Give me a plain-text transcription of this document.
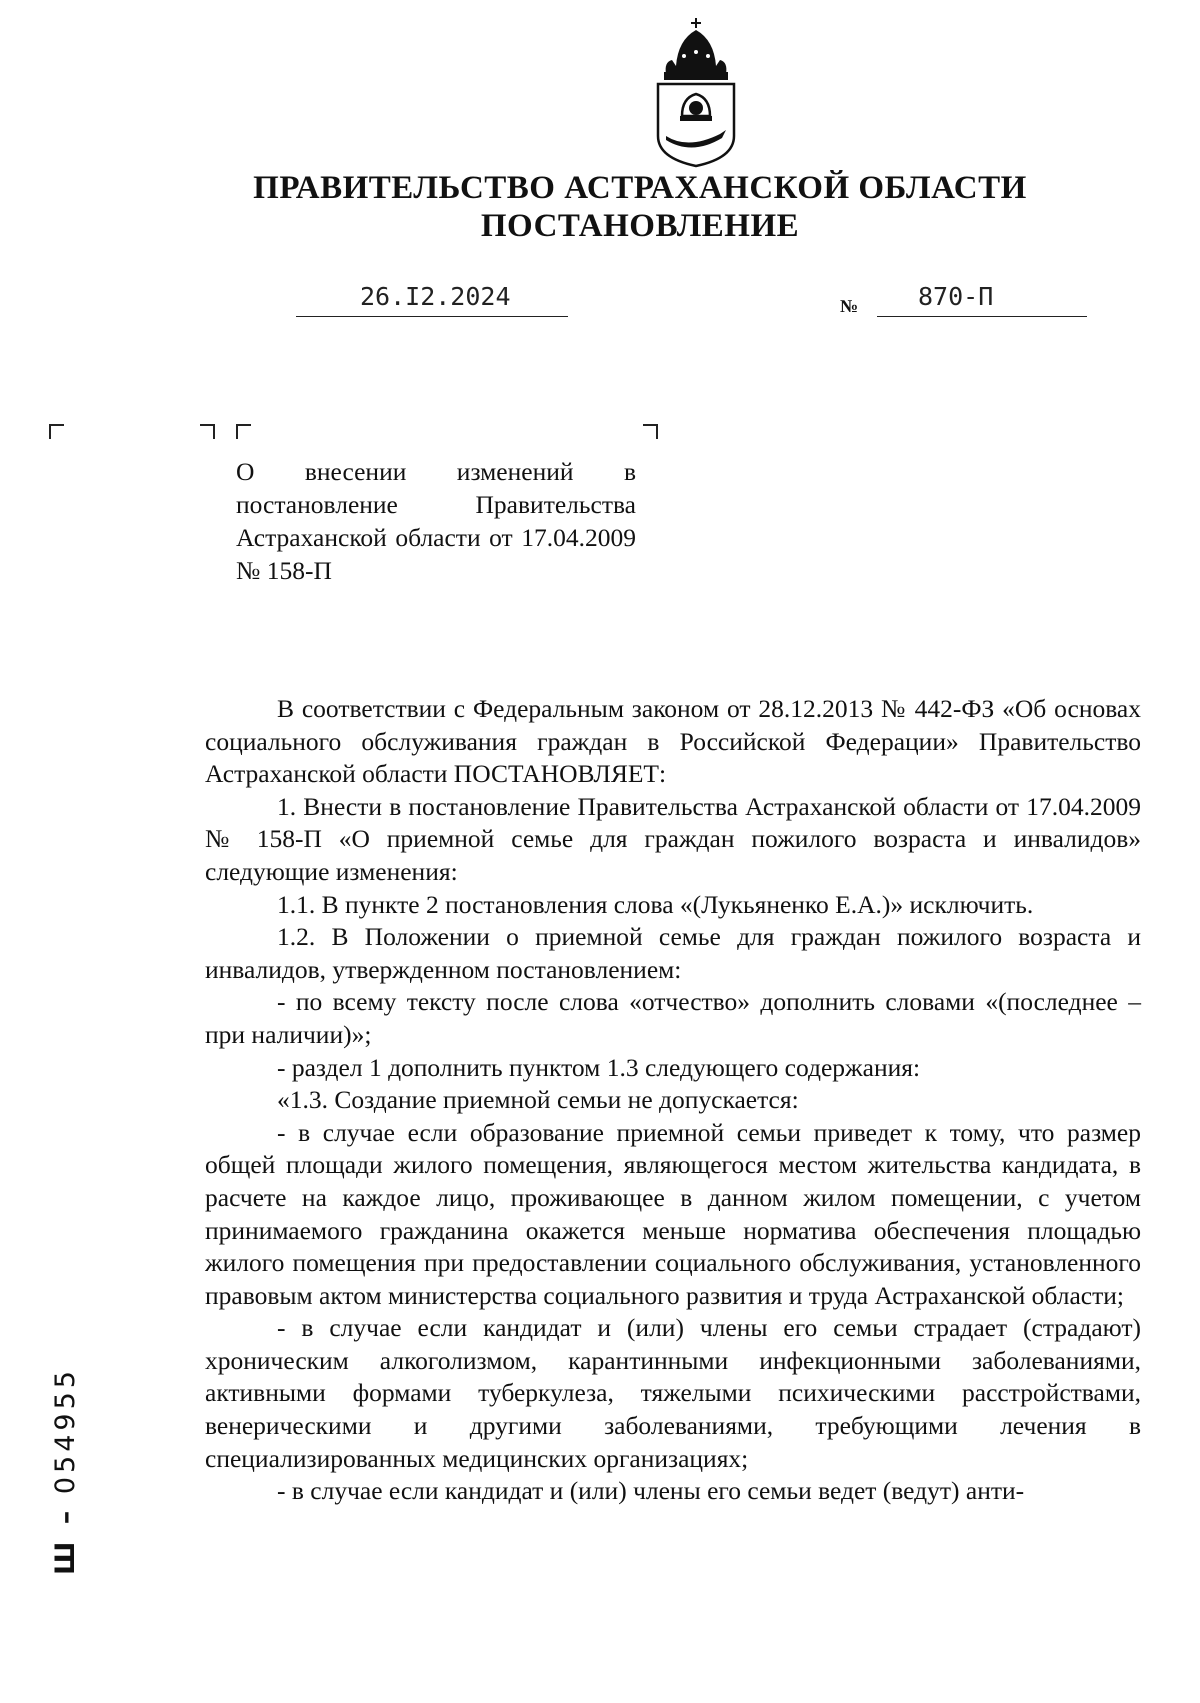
ПРАВИТЕЛЬСТВО АСТРАХАНСКОЙ ОБЛАСТИ
ПОСТАНОВЛЕНИЕ
26.I2.2024	№ 870-П
О внесении изменений в постановление Правительства Астраханской области от 17.04.2009 № 158-П

В соответствии с Федеральным законом от 28.12.2013 № 442-ФЗ «Об основах социального обслуживания граждан в Российской Федерации» Правительство Астраханской области ПОСТАНОВЛЯЕТ:

1. Внести в постановление Правительства Астраханской области от 17.04.2009 № 158-П «О приемной семье для граждан пожилого возраста и инвалидов» следующие изменения:

1.1. В пункте 2 постановления слова «(Лукьяненко Е.А.)» исключить.

1.2. В Положении о приемной семье для граждан пожилого возраста и инвалидов, утвержденном постановлением:

- по всему тексту после слова «отчество» дополнить словами «(последнее – при наличии)»;

- раздел 1 дополнить пунктом 1.3 следующего содержания:

«1.3. Создание приемной семьи не допускается:

- в случае если образование приемной семьи приведет к тому, что размер общей площади жилого помещения, являющегося местом жительства кандидата, в расчете на каждое лицо, проживающее в данном жилом помещении, с учетом принимаемого гражданина окажется меньше норматива обеспечения площадью жилого помещения при предоставлении социального обслуживания, установленного правовым актом министерства социального развития и труда Астраханской области;

- в случае если кандидат и (или) члены его семьи страдает (страдают) хроническим алкоголизмом, карантинными инфекционными заболеваниями, активными формами туберкулеза, тяжелыми психическими расстройствами, венерическими и другими заболеваниями, требующими лечения в специализированных медицинских организациях;

- в случае если кандидат и (или) члены его семьи ведет (ведут) анти-

Ш – 054955
